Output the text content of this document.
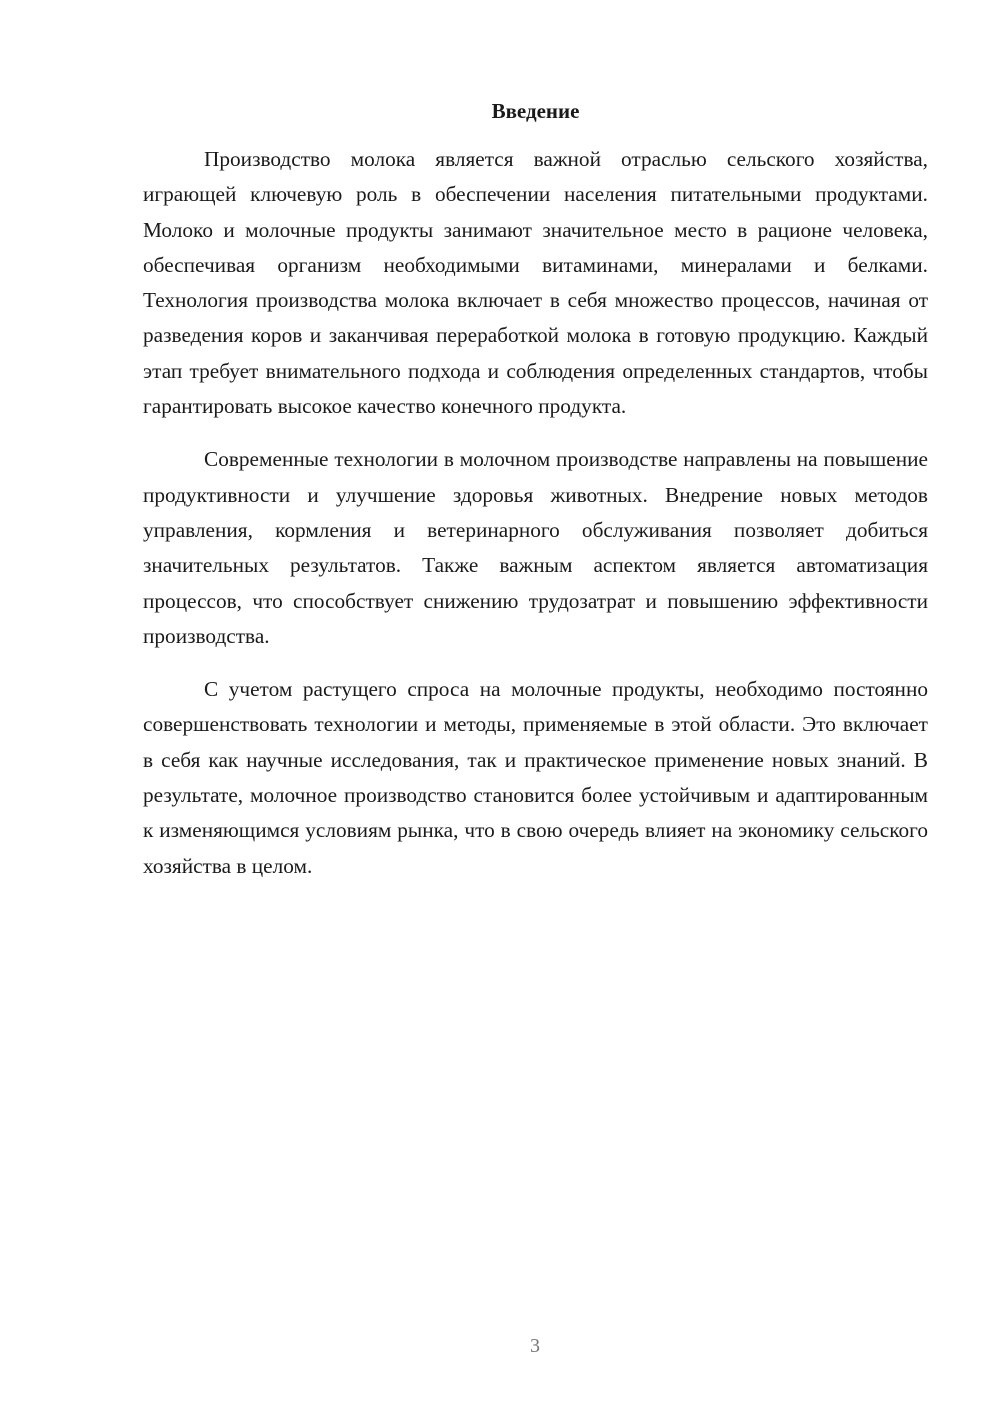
Введение

Производство молока является важной отраслью сельского хозяйства, играющей ключевую роль в обеспечении населения питательными продуктами. Молоко и молочные продукты занимают значительное место в рационе человека, обеспечивая организм необходимыми витаминами, минералами и белками. Технология производства молока включает в себя множество процессов, начиная от разведения коров и заканчивая переработкой молока в готовую продукцию. Каждый этап требует внимательного подхода и соблюдения определенных стандартов, чтобы гарантировать высокое качество конечного продукта.

Современные технологии в молочном производстве направлены на повышение продуктивности и улучшение здоровья животных. Внедрение новых методов управления, кормления и ветеринарного обслуживания позволяет добиться значительных результатов. Также важным аспектом является автоматизация процессов, что способствует снижению трудозатрат и повышению эффективности производства.

С учетом растущего спроса на молочные продукты, необходимо постоянно совершенствовать технологии и методы, применяемые в этой области. Это включает в себя как научные исследования, так и практическое применение новых знаний. В результате, молочное производство становится более устойчивым и адаптированным к изменяющимся условиям рынка, что в свою очередь влияет на экономику сельского хозяйства в целом.

3
